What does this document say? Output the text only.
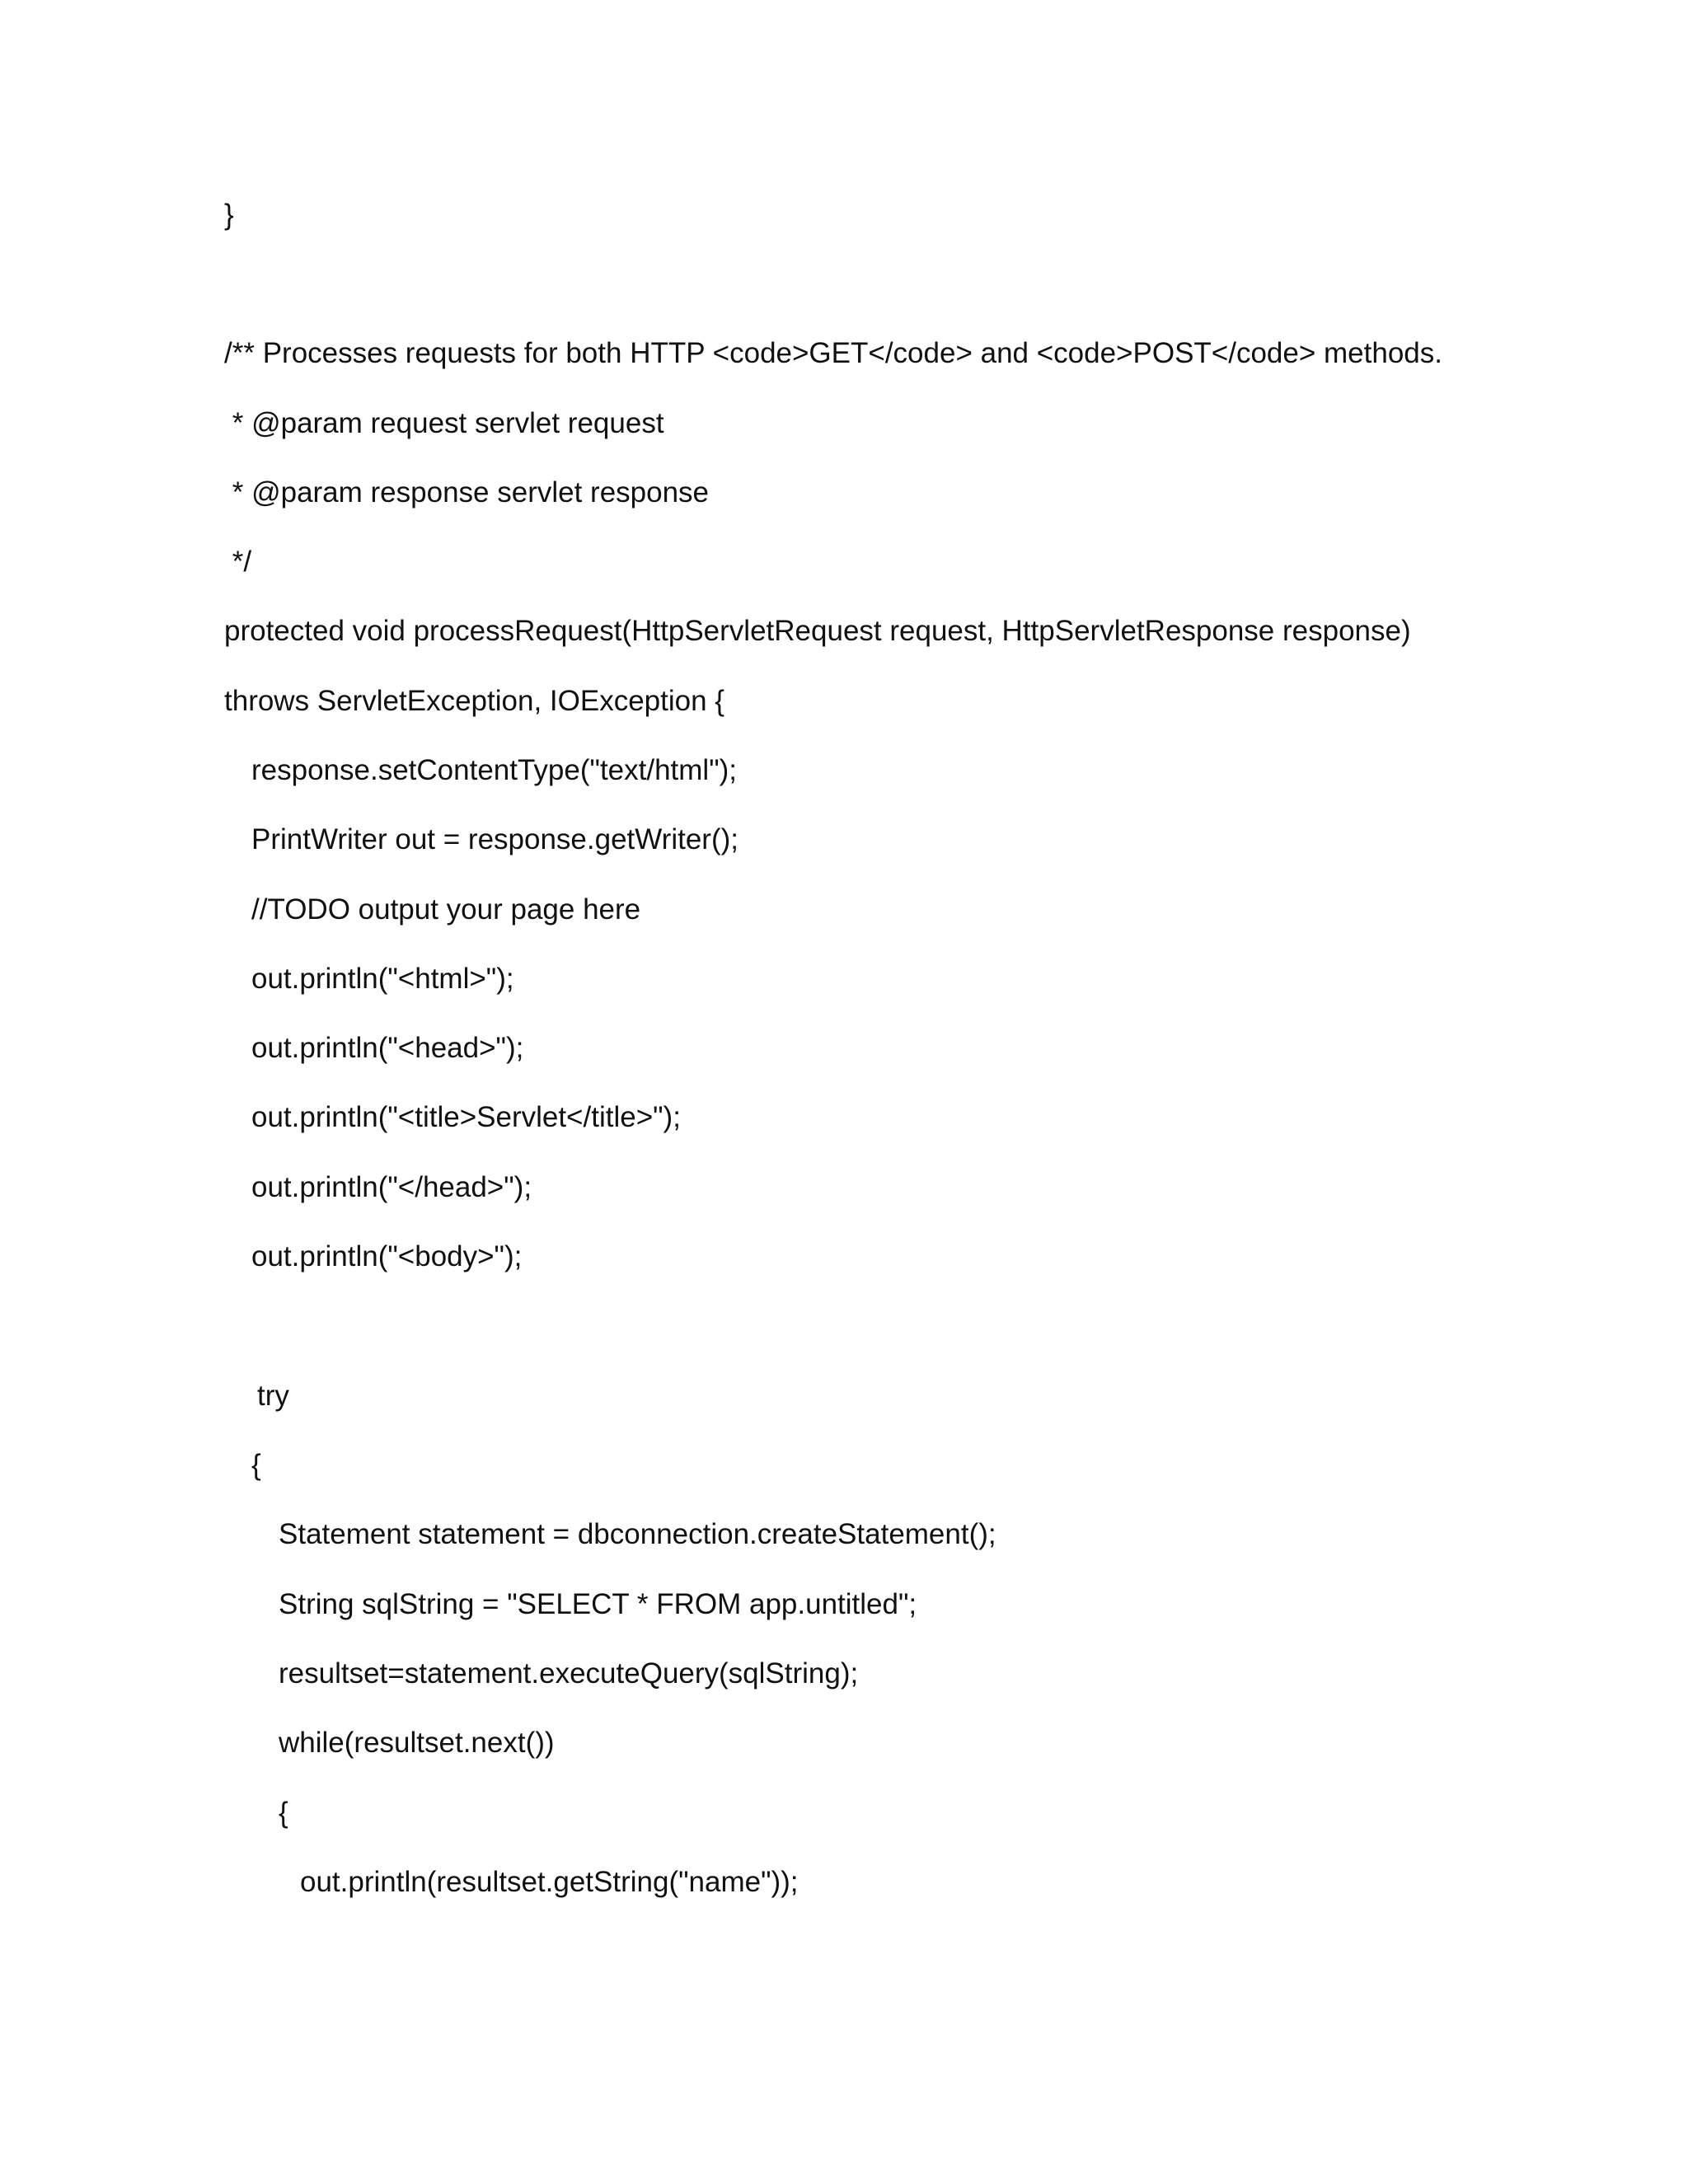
}
/** Processes requests for both HTTP <code>GET</code> and <code>POST</code> methods.
* @param request servlet request
* @param response servlet response
*/
protected void processRequest(HttpServletRequest request, HttpServletResponse response)
throws ServletException, IOException {
response.setContentType("text/html");
PrintWriter out = response.getWriter();
//TODO output your page here
out.println("<html>");
out.println("<head>");
out.println("<title>Servlet</title>");
out.println("</head>");
out.println("<body>");
try
{
Statement statement = dbconnection.createStatement();
String sqlString = "SELECT * FROM app.untitled";
resultset=statement.executeQuery(sqlString);
while(resultset.next())
{
out.println(resultset.getString("name"));
